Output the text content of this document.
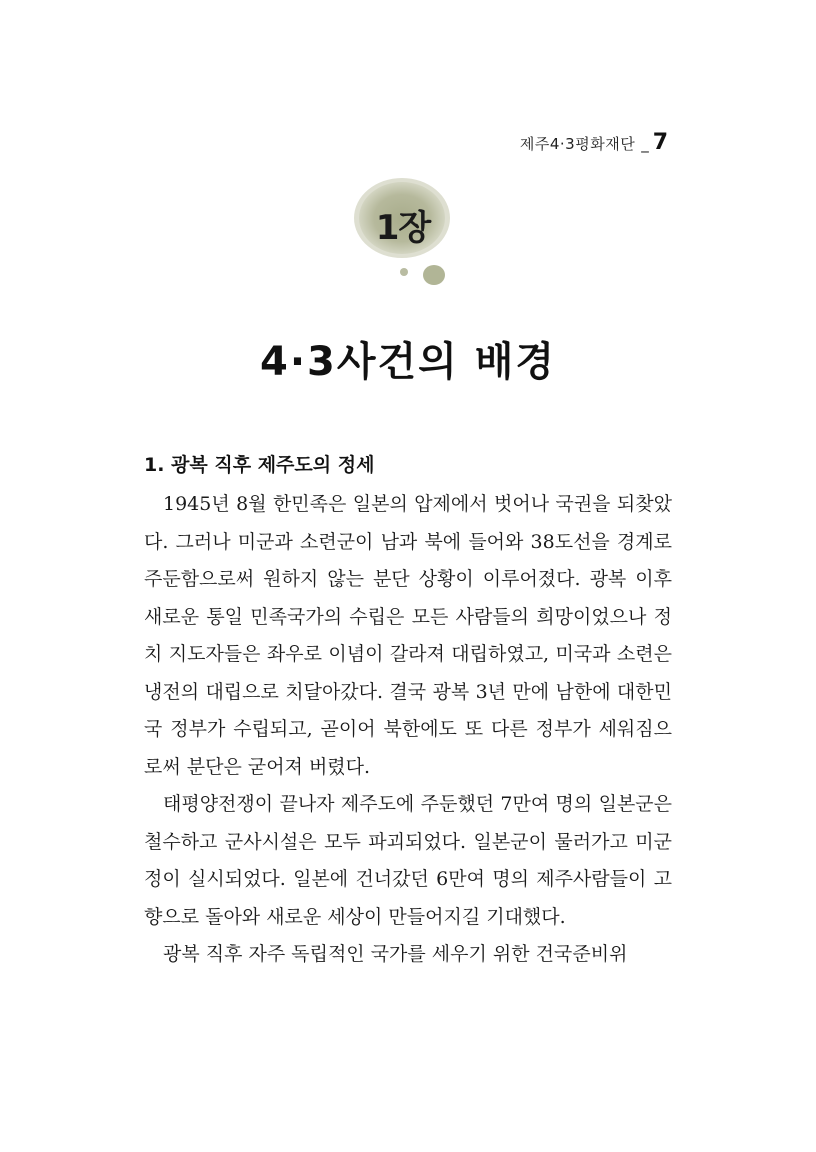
제주4·3평화재단 _ 7
1장
4·3사건의 배경
1. 광복 직후 제주도의 정세

1945년 8월 한민족은 일본의 압제에서 벗어나 국권을 되찾았다. 그러나 미군과 소련군이 남과 북에 들어와 38도선을 경계로 주둔함으로써 원하지 않는 분단 상황이 이루어졌다. 광복 이후 새로운 통일 민족국가의 수립은 모든 사람들의 희망이었으나 정치 지도자들은 좌우로 이념이 갈라져 대립하였고, 미국과 소련은 냉전의 대립으로 치달아갔다. 결국 광복 3년 만에 남한에 대한민국 정부가 수립되고, 곧이어 북한에도 또 다른 정부가 세워짐으로써 분단은 굳어져 버렸다.

태평양전쟁이 끝나자 제주도에 주둔했던 7만여 명의 일본군은 철수하고 군사시설은 모두 파괴되었다. 일본군이 물러가고 미군정이 실시되었다. 일본에 건너갔던 6만여 명의 제주사람들이 고향으로 돌아와 새로운 세상이 만들어지길 기대했다.

광복 직후 자주 독립적인 국가를 세우기 위한 건국준비위
